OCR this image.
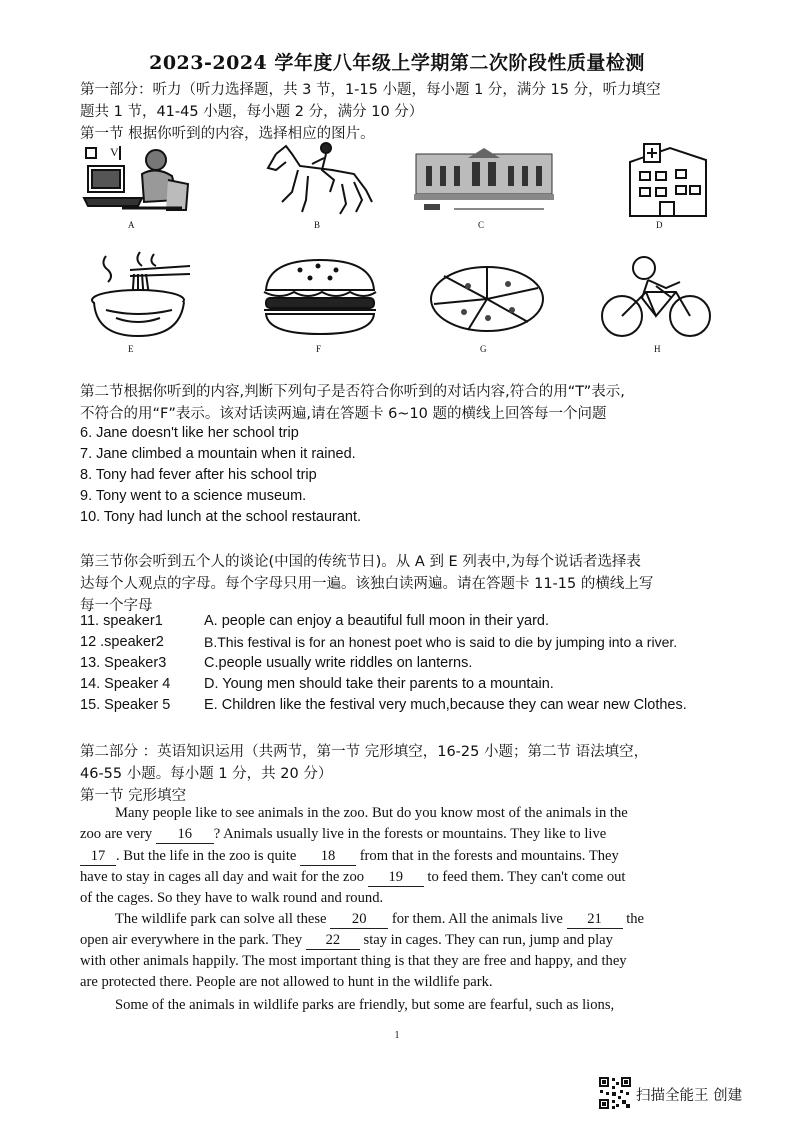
2023-2024 学年度八年级上学期第二次阶段性质量检测
第一部分：听力（听力选择题，共 3 节，1-15 小题，每小题 1 分，满分 15 分，听力填空
题共 1 节，41-45 小题，每小题 2 分，满分 10 分）
第一节 根据你听到的内容，选择相应的图片。
V
A	B	C	D
E	F	G	H
第二节根据你听到的内容,判断下列句子是否符合你听到的对话内容,符合的用“T”表示,
不符合的用“F”表示。该对话读两遍,请在答题卡 6~10 题的横线上回答每一个问题
6. Jane doesn't like her school trip
7. Jane climbed a mountain when it rained.
8. Tony had fever after his school trip
9. Tony went to a science museum.
10. Tony had lunch at the school restaurant.
第三节你会听到五个人的谈论(中国的传统节日)。从 A 到 E 列表中,为每个说话者选择表
达每个人观点的字母。每个字母只用一遍。该独白读两遍。请在答题卡 11-15 的横线上写
每一个字母
11. speaker1	A. people can enjoy a beautiful full moon in their yard.
12 .speaker2	B.This festival is for an honest poet who is said to die by jumping into a river.
13. Speaker3	C.people usually write riddles on lanterns.
14. Speaker 4 D. Young men should take their parents to a mountain.
15. Speaker 5 E. Children like the festival very much,because they can wear new Clothes.
第二部分 ：英语知识运用（共两节，第一节 完形填空，16-25 小题；第二节 语法填空，
46-55 小题。每小题 1 分，共 20 分）
第一节 完形填空
Many people like to see animals in the zoo. But do you know most of the animals in the
zoo are very 16 ? Animals usually live in the forests or mountains. They like to live
17 . But the life in the zoo is quite 18 from that in the forests and mountains. They
have to stay in cages all day and wait for the zoo 19 to feed them. They can't come out
of the cages. So they have to walk round and round.
The wildlife park can solve all these 20 for them. All the animals live 21 the
open air everywhere in the park. They 22 stay in cages. They can run, jump and play
with other animals happily. The most important thing is that they are free and happy, and they
are protected there. People are not allowed to hunt in the wildlife park.
Some of the animals in wildlife parks are friendly, but some are fearful, such as lions,
1
扫描全能王 创建
